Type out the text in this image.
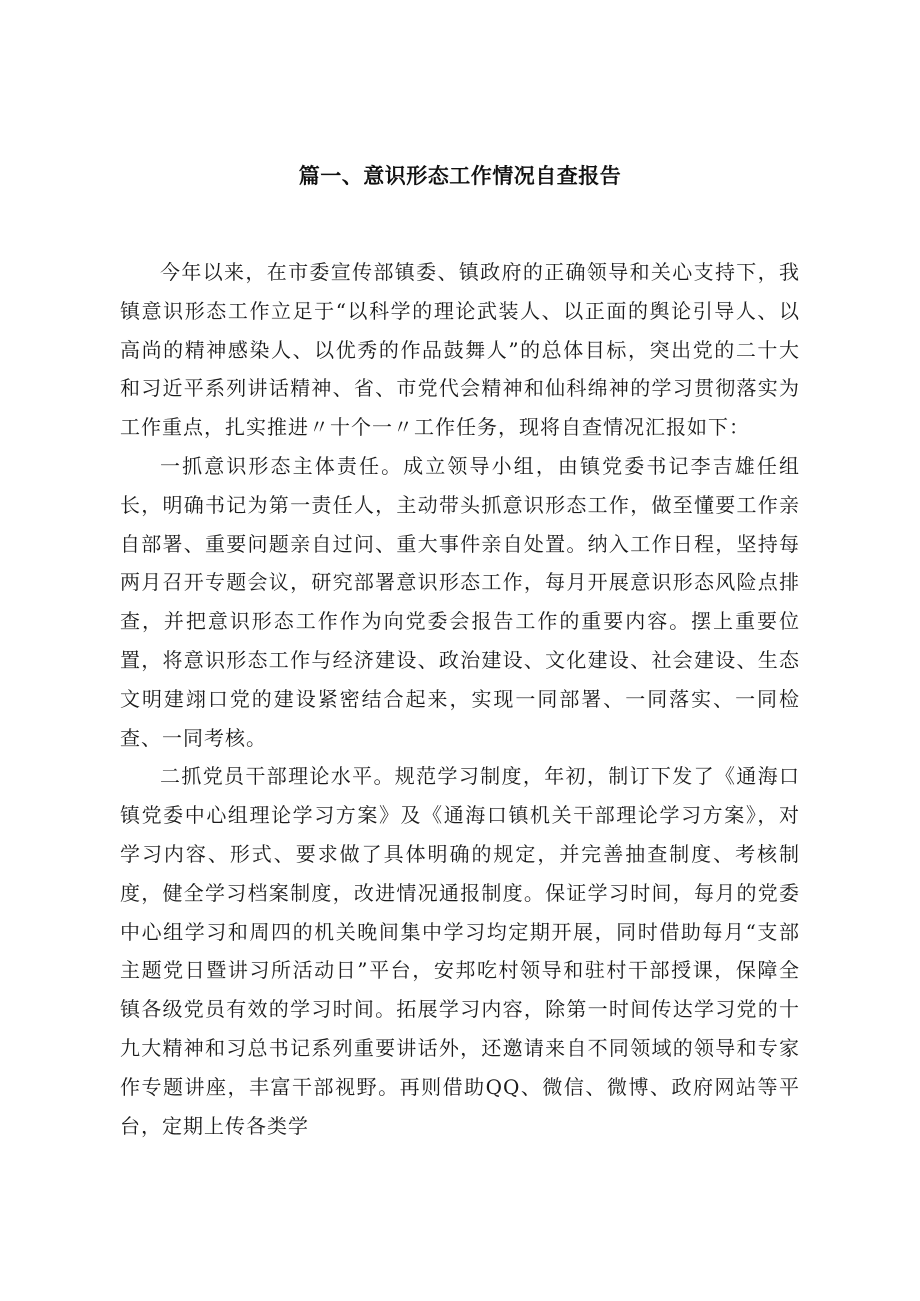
篇一、意识形态工作情况自查报告

今年以来，在市委宣传部镇委、镇政府的正确领导和关心支持下，我镇意识形态工作立足于“以科学的理论武装人、以正面的舆论引导人、以高尚的精神感染人、以优秀的作品鼓舞人”的总体目标，突出党的二十大和习近平系列讲话精神、省、市党代会精神和仙科绵神的学习贯彻落实为工作重点，扎实推进〃十个一〃工作任务，现将自查情况汇报如下：

一抓意识形态主体责任。成立领导小组，由镇党委书记李吉雄任组长，明确书记为第一责任人，主动带头抓意识形态工作，做至懂要工作亲自部署、重要问题亲自过问、重大事件亲自处置。纳入工作日程，坚持每两月召开专题会议，研究部署意识形态工作，每月开展意识形态风险点排查，并把意识形态工作作为向党委会报告工作的重要内容。摆上重要位置，将意识形态工作与经济建设、政治建设、文化建设、社会建设、生态文明建翊口党的建设紧密结合起来，实现一同部署、一同落实、一同检查、一同考核。

二抓党员干部理论水平。规范学习制度，年初，制订下发了《通海口镇党委中心组理论学习方案》及《通海口镇机关干部理论学习方案》，对学习内容、形式、要求做了具体明确的规定，并完善抽查制度、考核制度，健全学习档案制度，改进情况通报制度。保证学习时间，每月的党委中心组学习和周四的机关晚间集中学习均定期开展，同时借助每月“支部主题党日暨讲习所活动日”平台，安邦吃村领导和驻村干部授课，保障全镇各级党员有效的学习时间。拓展学习内容，除第一时间传达学习党的十九大精神和习总书记系列重要讲话外，还邀请来自不同领域的领导和专家作专题讲座，丰富干部视野。再则借助QQ、微信、微博、政府网站等平台，定期上传各类学
